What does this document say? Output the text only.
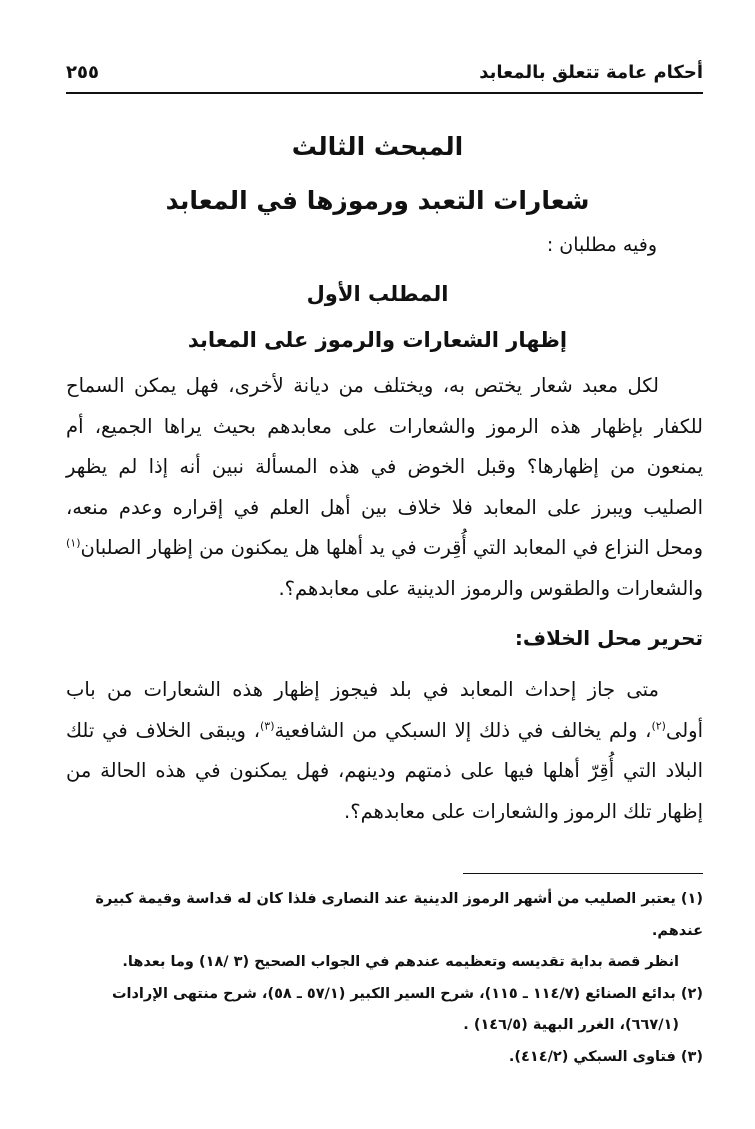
أحكام عامة تتعلق بالمعابد
٢٥٥
المبحث الثالث
شعارات التعبد ورموزها في المعابد
وفيه مطلبان :
المطلب الأول
إظهار الشعارات والرموز على المعابد

لكل معبد شعار يختص به، ويختلف من ديانة لأخرى، فهل يمكن السماح للكفار بإظهار هذه الرموز والشعارات على معابدهم بحيث يراها الجميع، أم يمنعون من إظهارها؟ وقبل الخوض في هذه المسألة نبين أنه إذا لم يظهر الصليب ويبرز على المعابد فلا خلاف بين أهل العلم في إقراره وعدم منعه، ومحل النزاع في المعابد التي أُقِرت في يد أهلها هل يمكنون من إظهار الصلبان$^{(١)}$ والشعارات والطقوس والرموز الدينية على معابدهم؟.

تحرير محل الخلاف:

متى جاز إحداث المعابد في بلد فيجوز إظهار هذه الشعارات من باب أولى$^{(٢)}$، ولم يخالف في ذلك إلا السبكي من الشافعية$^{(٣)}$، ويبقى الخلاف في تلك البلاد التي أُقِرّ أهلها فيها على ذمتهم ودينهم، فهل يمكنون في هذه الحالة من إظهار تلك الرموز والشعارات على معابدهم؟.

(١) يعتبر الصليب من أشهر الرموز الدينية عند النصارى فلذا كان له قداسة وقيمة كبيرة عندهم.
انظر قصة بداية تقديسه وتعظيمه عندهم في الجواب الصحيح (٣ /١٨) وما بعدها.

(٢) بدائع الصنائع (١١٤/٧ ـ ١١٥)، شرح السير الكبير (٥٧/١ ـ ٥٨)، شرح منتهى الإرادات
(٦٦٧/١)، الغرر البهية (١٤٦/٥) .

(٣) فتاوى السبكي (٤١٤/٢).
